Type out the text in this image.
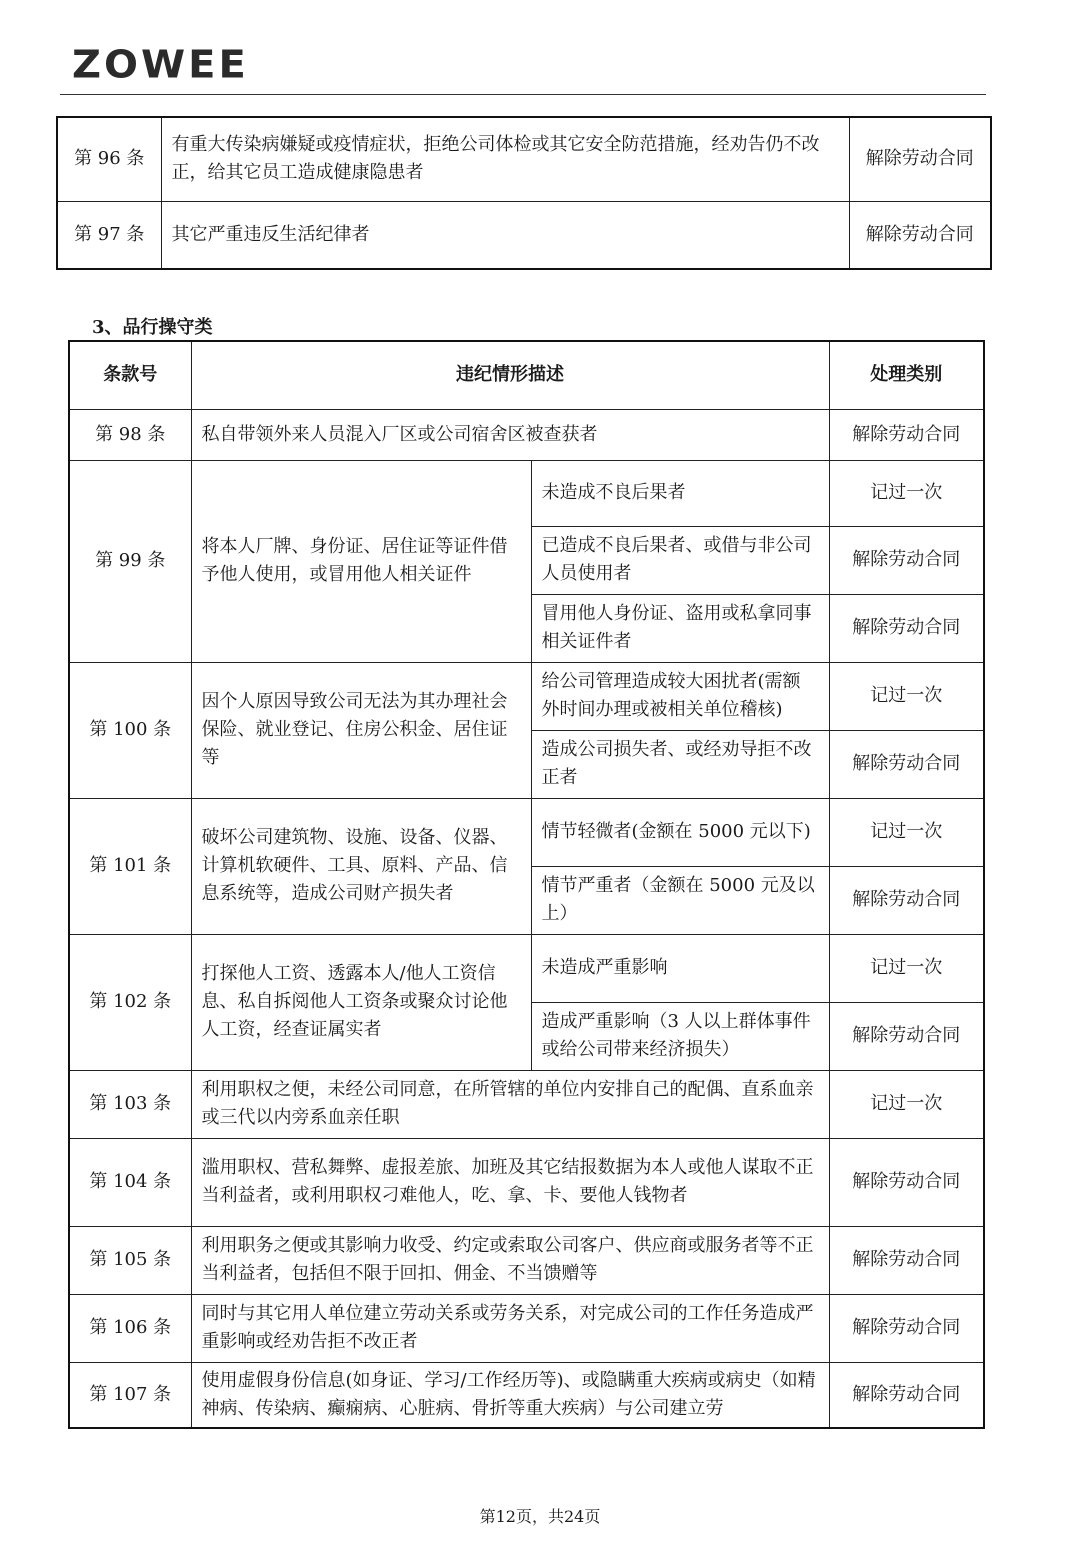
ZOWEE
第 96 条	有重大传染病嫌疑或疫情症状，拒绝公司体检或其它安全防范措施，经劝告仍不改正，给其它员工造成健康隐患者	解除劳动合同
第 97 条	其它严重违反生活纪律者	解除劳动合同
3、品行操守类
条款号	违纪情形描述		处理类别
第 98 条	私自带领外来人员混入厂区或公司宿舍区被查获者		解除劳动合同
第 99 条	将本人厂牌、身份证、居住证等证件借予他人使用，或冒用他人相关证件	未造成不良后果者	记过一次
		已造成不良后果者、或借与非公司人员使用者	解除劳动合同
		冒用他人身份证、盗用或私拿同事相关证件者	解除劳动合同
第 100 条	因个人原因导致公司无法为其办理社会保险、就业登记、住房公积金、居住证等	给公司管理造成较大困扰者(需额外时间办理或被相关单位稽核)	记过一次
		造成公司损失者、或经劝导拒不改正者	解除劳动合同
第 101 条	破坏公司建筑物、设施、设备、仪器、计算机软硬件、工具、原料、产品、信息系统等，造成公司财产损失者	情节轻微者(金额在 5000 元以下)	记过一次
		情节严重者（金额在 5000 元及以上）	解除劳动合同
第 102 条	打探他人工资、透露本人/他人工资信息、私自拆阅他人工资条或聚众讨论他人工资，经查证属实者	未造成严重影响	记过一次
		造成严重影响（3 人以上群体事件或给公司带来经济损失）	解除劳动合同
第 103 条	利用职权之便，未经公司同意，在所管辖的单位内安排自己的配偶、直系血亲或三代以内旁系血亲任职		记过一次
第 104 条	滥用职权、营私舞弊、虚报差旅、加班及其它结报数据为本人或他人谋取不正当利益者，或利用职权刁难他人，吃、拿、卡、要他人钱物者		解除劳动合同
第 105 条	利用职务之便或其影响力收受、约定或索取公司客户、供应商或服务者等不正当利益者，包括但不限于回扣、佣金、不当馈赠等		解除劳动合同
第 106 条	同时与其它用人单位建立劳动关系或劳务关系，对完成公司的工作任务造成严重影响或经劝告拒不改正者		解除劳动合同
第 107 条	使用虚假身份信息(如身证、学习/工作经历等)、或隐瞒重大疾病或病史（如精神病、传染病、癫痫病、心脏病、骨折等重大疾病）与公司建立劳		解除劳动合同
第12页，共24页
